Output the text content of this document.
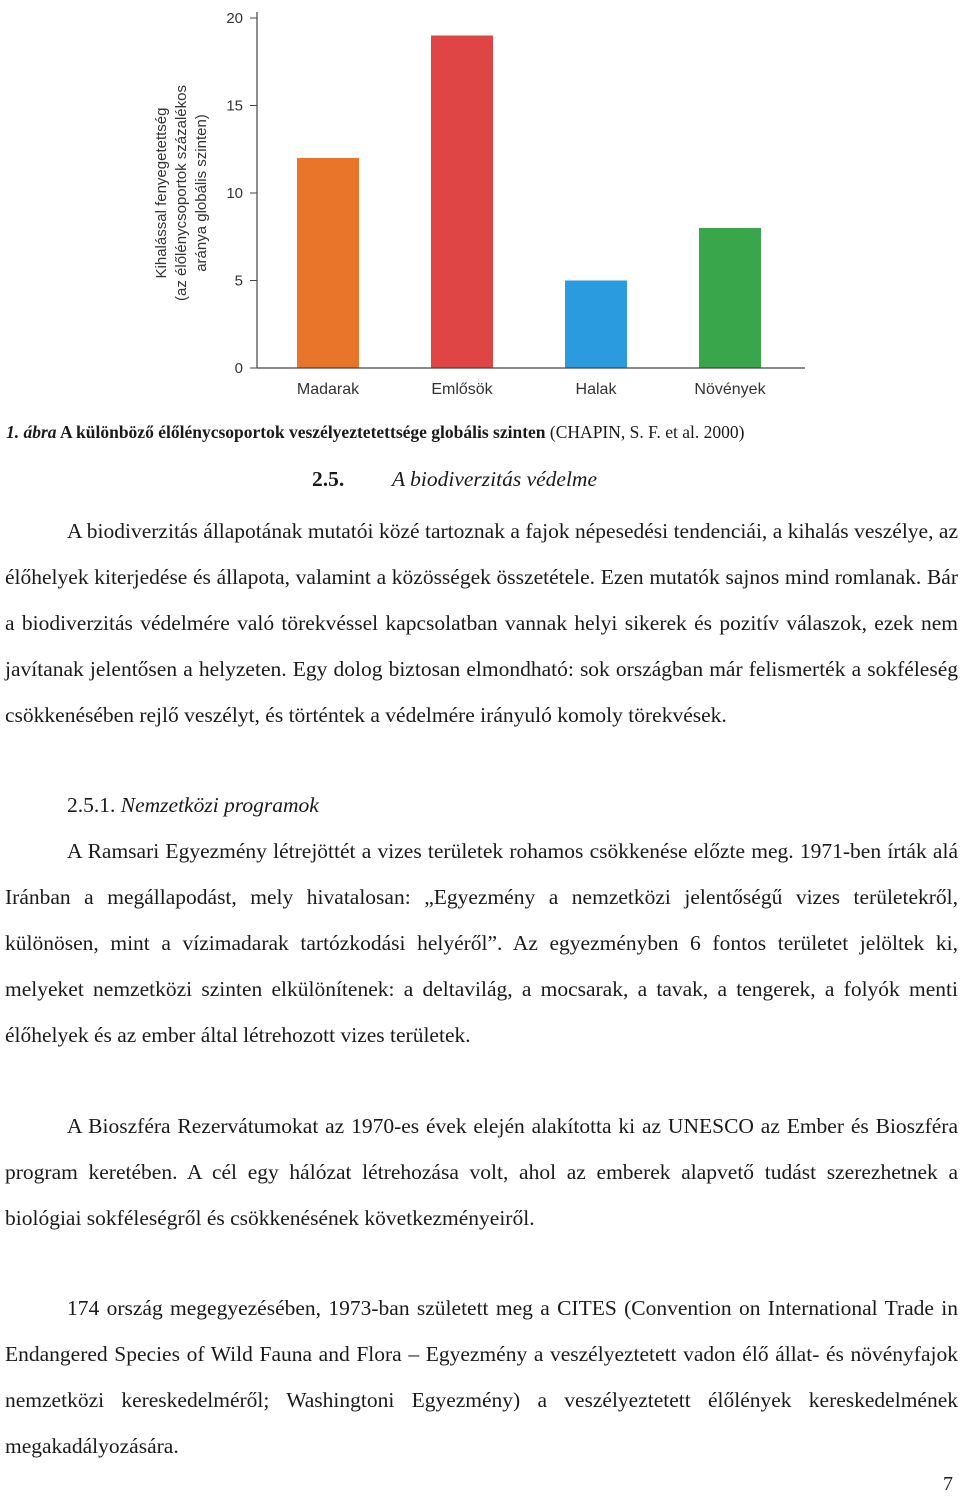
Kihalással fenyegetettség (az élőlénycsoportok százalékos aránya globális szinten)
0
5
10
15
20
Madarak	Emlősök	Halak	Növények
1. ábra A különböző élőlénycsoportok veszélyeztetettsége globális szinten (CHAPIN, S. F. et al. 2000)
2.5. A biodiverzitás védelme

A biodiverzitás állapotának mutatói közé tartoznak a fajok népesedési tendenciái, a kihalás veszélye, az élőhelyek kiterjedése és állapota, valamint a közösségek összetétele. Ezen mutatók sajnos mind romlanak. Bár a biodiverzitás védelmére való törekvéssel kapcsolatban vannak helyi sikerek és pozitív válaszok, ezek nem javítanak jelentősen a helyzeten. Egy dolog biztosan elmondható: sok országban már felismerték a sokféleség csökkenésében rejlő veszélyt, és történtek a védelmére irányuló komoly törekvések.

2.5.1. Nemzetközi programok

A Ramsari Egyezmény létrejöttét a vizes területek rohamos csökkenése előzte meg. 1971-ben írták alá Iránban a megállapodást, mely hivatalosan: „Egyezmény a nemzetközi jelentőségű vizes területekről, különösen, mint a vízimadarak tartózkodási helyéről”. Az egyezményben 6 fontos területet jelöltek ki, melyeket nemzetközi szinten elkülönítenek: a deltavilág, a mocsarak, a tavak, a tengerek, a folyók menti élőhelyek és az ember által létrehozott vizes területek.

A Bioszféra Rezervátumokat az 1970-es évek elején alakította ki az UNESCO az Ember és Bioszféra program keretében. A cél egy hálózat létrehozása volt, ahol az emberek alapvető tudást szerezhetnek a biológiai sokféleségről és csökkenésének következményeiről.

174 ország megegyezésében, 1973-ban született meg a CITES (Convention on International Trade in Endangered Species of Wild Fauna and Flora – Egyezmény a veszélyeztetett vadon élő állat- és növényfajok nemzetközi kereskedelméről; Washingtoni Egyezmény) a veszélyeztetett élőlények kereskedelmének megakadályozására.

7
